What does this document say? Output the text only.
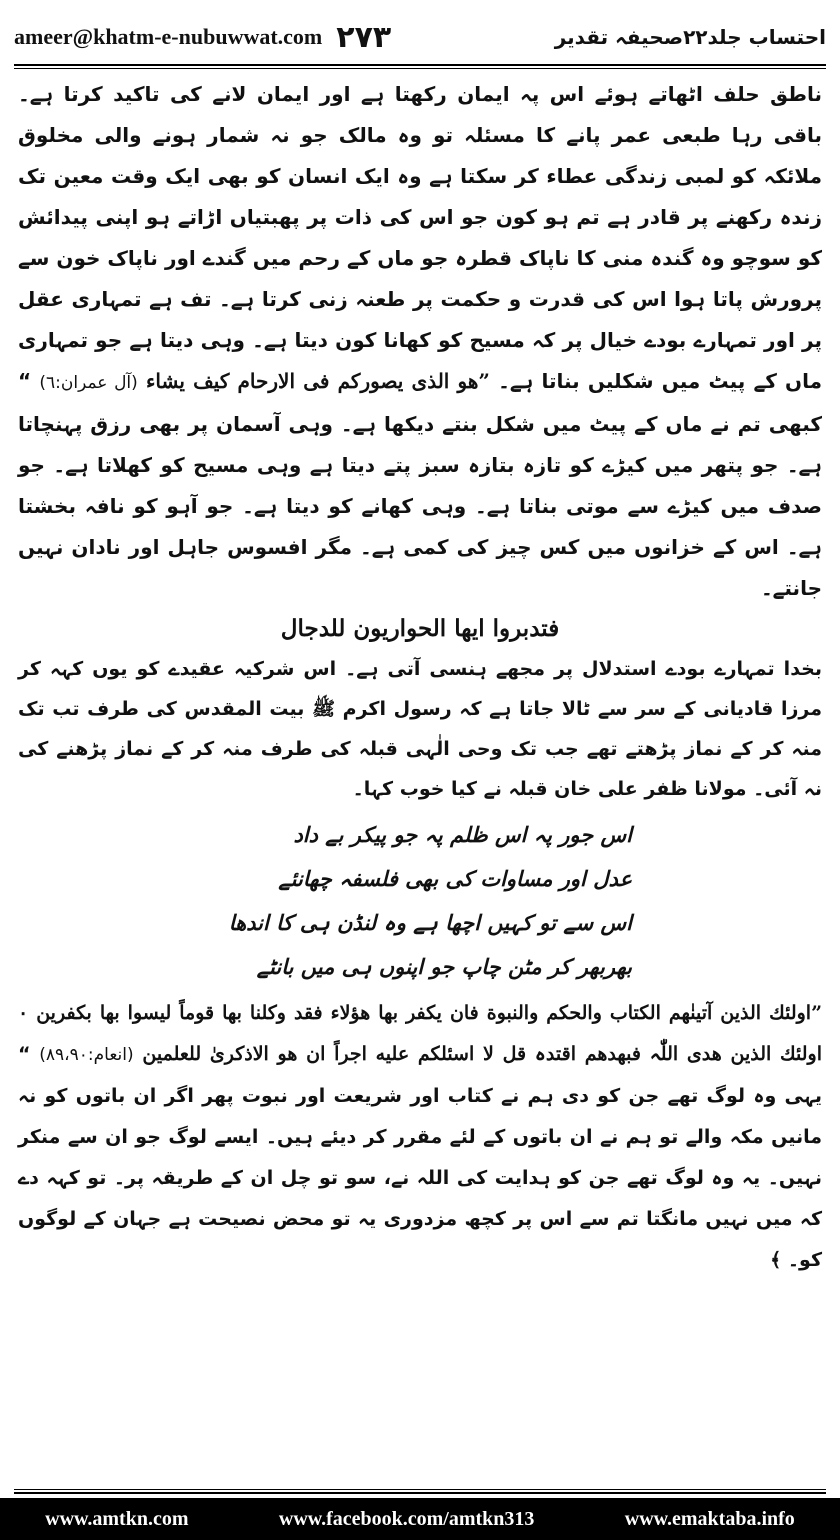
ameer@khatm-e-nubuwwat.com ۲۷۳	احتساب جلد۲۲صحیفہ تقدیر

ناطق حلف اٹھاتے ہوئے اس پہ ایمان رکھتا ہے اور ایمان لانے کی تاکید کرتا ہے۔ باقی رہا طبعی عمر پانے کا مسئلہ تو وہ مالک جو نہ شمار ہونے والی مخلوق ملائکہ کو لمبی زندگی عطاء کر سکتا ہے وہ ایک انسان کو بھی ایک وقت معین تک زندہ رکھنے پر قادر ہے تم ہو کون جو اس کی ذات پر پھبتیاں اڑاتے ہو اپنی پیدائش کو سوچو وہ گندہ منی کا ناپاک قطرہ جو ماں کے رحم میں گندے اور ناپاک خون سے پرورش پاتا ہوا اس کی قدرت و حکمت پر طعنہ زنی کرتا ہے۔ تف ہے تمہاری عقل پر اور تمہارے بودے خیال پر کہ مسیح کو کھانا کون دیتا ہے۔ وہی دیتا ہے جو تمہاری ماں کے پیٹ میں شکلیں بناتا ہے۔ ”ھو الذی یصورکم فی الارحام کیف یشاء (آل عمران:٦) “ کبھی تم نے ماں کے پیٹ میں شکل بنتے دیکھا ہے۔ وہی آسمان پر بھی رزق پہنچاتا ہے۔ جو پتھر میں کیڑے کو تازہ بتازہ سبز پتے دیتا ہے وہی مسیح کو کھلاتا ہے۔ جو صدف میں کیڑے سے موتی بناتا ہے۔ وہی کھانے کو دیتا ہے۔ جو آہو کو نافہ بخشتا ہے۔ اس کے خزانوں میں کس چیز کی کمی ہے۔ مگر افسوس جاہل اور نادان نہیں جانتے۔

فتدبروا ایھا الحواریون للدجال

بخدا تمہارے بودے استدلال پر مجھے ہنسی آتی ہے۔ اس شرکیہ عقیدے کو یوں کہہ کر مرزا قادیانی کے سر سے ٹالا جاتا ہے کہ رسول اکرم ﷺ بیت المقدس کی طرف تب تک منہ کر کے نماز پڑھتے تھے جب تک وحی الٰہی قبلہ کی طرف منہ کر کے نماز پڑھنے کی نہ آئی۔ مولانا ظفر علی خان قبلہ نے کیا خوب کہا۔

اس جور پہ اس ظلم پہ جو پیکر بے داد
عدل اور مساوات کی بھی فلسفہ چھانئے
اس سے تو کہیں اچھا ہے وہ لنڈن ہی کا اندھا
بھربھر کر مٹن چاپ جو اپنوں ہی میں بانٹے

”اولئك الذین آتینٰھم الکتاب والحکم والنبوة فان یکفر بھا ھؤلاء فقد وکلنا بھا قوماً لیسوا بھا بکفرین ۰ اولئك الذین ھدی اللّٰہ فبھدھم اقتدہ قل لا اسئلکم علیه اجراً ان ھو الاذکریٰ للعلمین (انعام:۸۹،۹۰) “ یہی وہ لوگ تھے جن کو دی ہم نے کتاب اور شریعت اور نبوت پھر اگر ان باتوں کو نہ مانیں مکہ والے تو ہم نے ان باتوں کے لئے مقرر کر دیئے ہیں۔ ایسے لوگ جو ان سے منکر نہیں۔ یہ وہ لوگ تھے جن کو ہدایت کی اللہ نے، سو تو چل ان کے طریقہ پر۔ تو کہہ دے کہ میں نہیں مانگتا تم سے اس پر کچھ مزدوری یہ تو محض نصیحت ہے جہان کے لوگوں کو۔ ﴾

www.amtkn.com	www.facebook.com/amtkn313	www.emaktaba.info
